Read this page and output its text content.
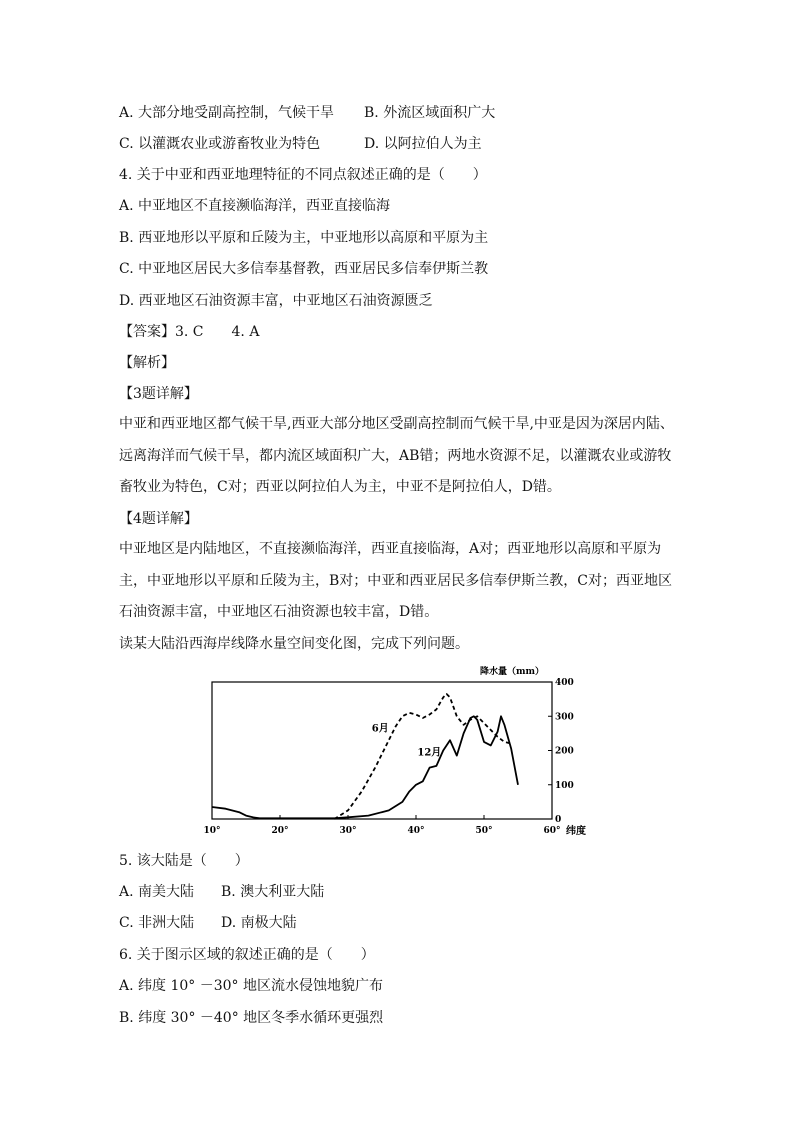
A. 大部分地受副高控制，气候干旱 B. 外流区域面积广大
C. 以灌溉农业或游畜牧业为特色	D. 以阿拉伯人为主
4. 关于中亚和西亚地理特征的不同点叙述正确的是（　　）
A. 中亚地区不直接濒临海洋，西亚直接临海
B. 西亚地形以平原和丘陵为主，中亚地形以高原和平原为主
C. 中亚地区居民大多信奉基督教，西亚居民多信奉伊斯兰教
D. 西亚地区石油资源丰富，中亚地区石油资源匮乏
【答案】3. C　　4. A
【解析】
【3题详解】
中亚和西亚地区都气候干旱,西亚大部分地区受副高控制而气候干旱,中亚是因为深居内陆、远离海洋而气候干旱，都内流区域面积广大，AB错；两地水资源不足，以灌溉农业或游牧畜牧业为特色，C对；西亚以阿拉伯人为主，中亚不是阿拉伯人，D错。
【4题详解】
中亚地区是内陆地区，不直接濒临海洋，西亚直接临海，A对；西亚地形以高原和平原为主，中亚地形以平原和丘陵为主，B对；中亚和西亚居民多信奉伊斯兰教，C对；西亚地区石油资源丰富，中亚地区石油资源也较丰富，D错。
读某大陆沿西海岸线降水量空间变化图，完成下列问题。
0
100
200
300
400
10°	20°	30°	40°	50°	60°
降水量（mm）
纬度
6月
12月
5. 该大陆是（　　）
A. 南美大陆 B. 澳大利亚大陆
C. 非洲大陆 D. 南极大陆
6. 关于图示区域的叙述正确的是（　　）
A. 纬度 10° －30° 地区流水侵蚀地貌广布
B. 纬度 30° －40° 地区冬季水循环更强烈
